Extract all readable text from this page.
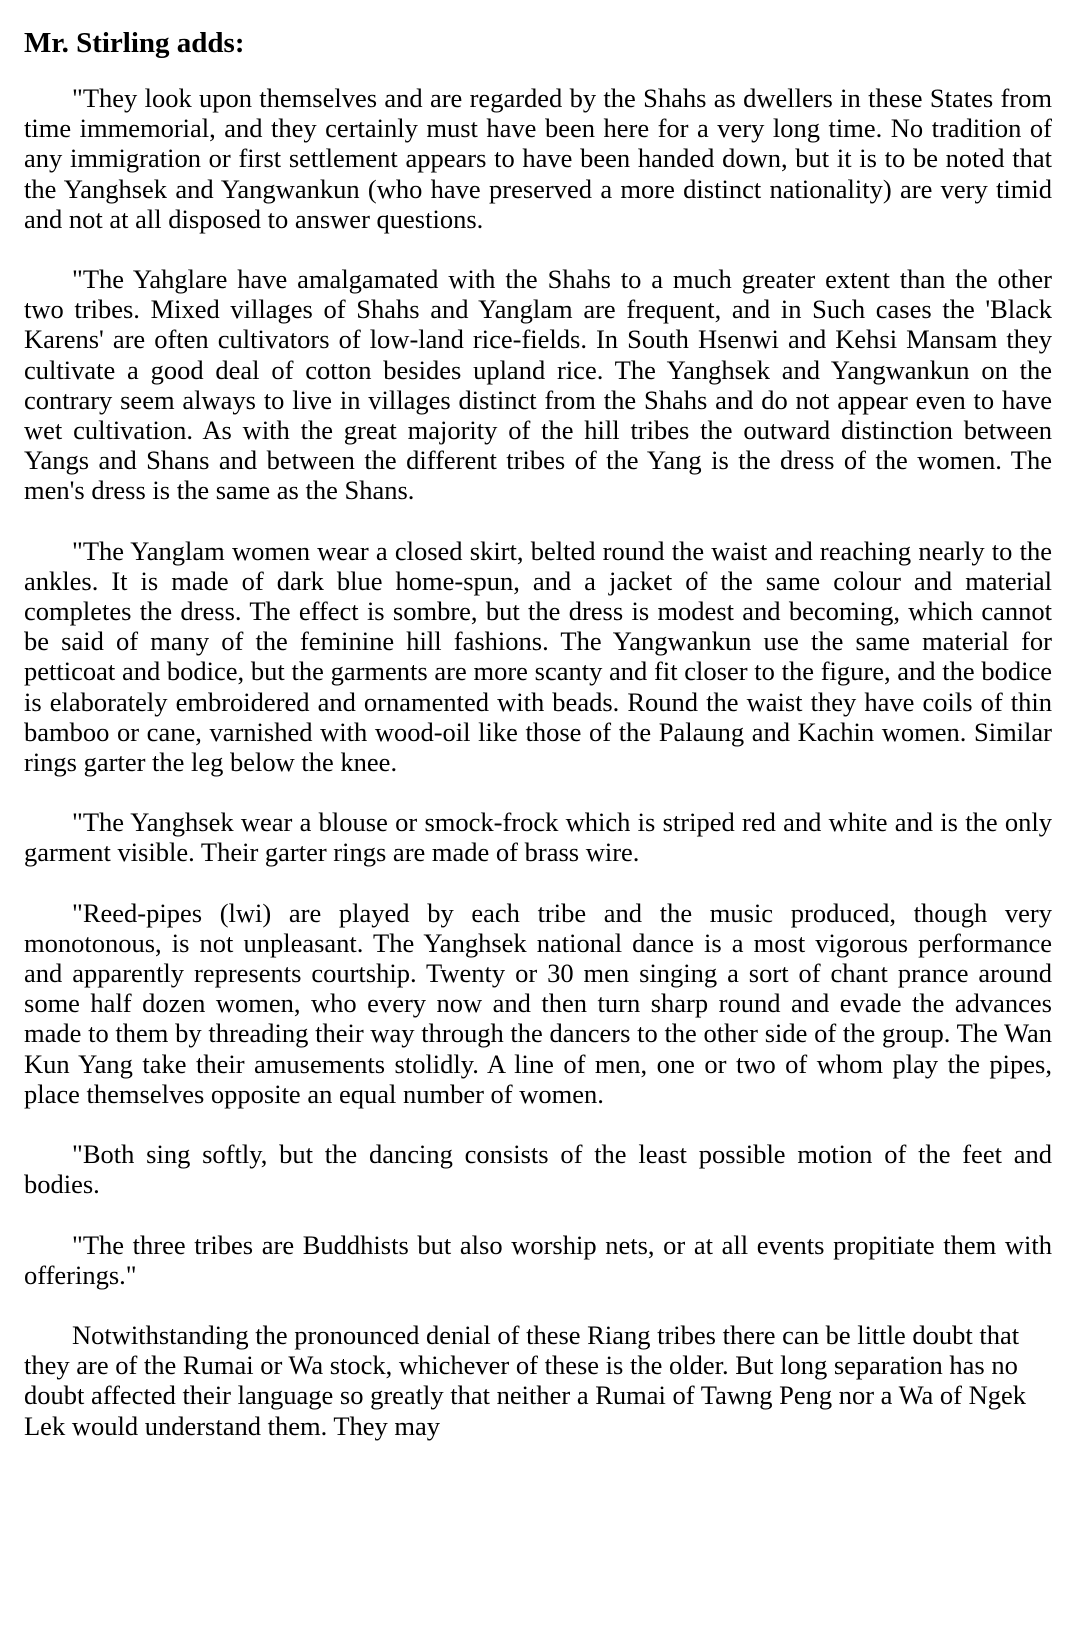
Mr. Stirling adds:

"They look upon themselves and are regarded by the Shahs as dwellers in these States from time immemorial, and they certainly must have been here for a very long time. No tradition of any immigration or first settlement appears to have been handed down, but it is to be noted that the Yanghsek and Yangwankun (who have preserved a more distinct nationality) are very timid and not at all disposed to answer questions.

"The Yahglare have amalgamated with the Shahs to a much greater extent than the other two tribes. Mixed villages of Shahs and Yanglam are frequent, and in Such cases the 'Black Karens' are often cultivators of low-land rice-fields. In South Hsenwi and Kehsi Mansam they cultivate a good deal of cotton besides upland rice. The Yanghsek and Yangwankun on the contrary seem always to live in villages distinct from the Shahs and do not appear even to have wet cultivation. As with the great majority of the hill tribes the outward distinction between Yangs and Shans and between the different tribes of the Yang is the dress of the women. The men's dress is the same as the Shans.

"The Yanglam women wear a closed skirt, belted round the waist and reaching nearly to the ankles. It is made of dark blue home-spun, and a jacket of the same colour and material completes the dress. The effect is sombre, but the dress is modest and becoming, which cannot be said of many of the feminine hill fashions. The Yangwankun use the same material for petticoat and bodice, but the garments are more scanty and fit closer to the figure, and the bodice is elaborately embroidered and ornamented with beads. Round the waist they have coils of thin bamboo or cane, varnished with wood-oil like those of the Palaung and Kachin women. Similar rings garter the leg below the knee.

"The Yanghsek wear a blouse or smock-frock which is striped red and white and is the only garment visible. Their garter rings are made of brass wire.

"Reed-pipes (lwi) are played by each tribe and the music produced, though very monotonous, is not unpleasant. The Yanghsek national dance is a most vigorous performance and apparently represents courtship. Twenty or 30 men singing a sort of chant prance around some half dozen women, who every now and then turn sharp round and evade the advances made to them by threading their way through the dancers to the other side of the group. The Wan Kun Yang take their amusements stolidly. A line of men, one or two of whom play the pipes, place themselves opposite an equal number of women.

"Both sing softly, but the dancing consists of the least possible motion of the feet and bodies.

"The three tribes are Buddhists but also worship nets, or at all events propitiate them with offerings."

Notwithstanding the pronounced denial of these Riang tribes there can be little doubt that they are of the Rumai or Wa stock, whichever of these is the older. But long separation has no doubt affected their language so greatly that neither a Rumai of Tawng Peng nor a Wa of Ngek Lek would understand them. They may
